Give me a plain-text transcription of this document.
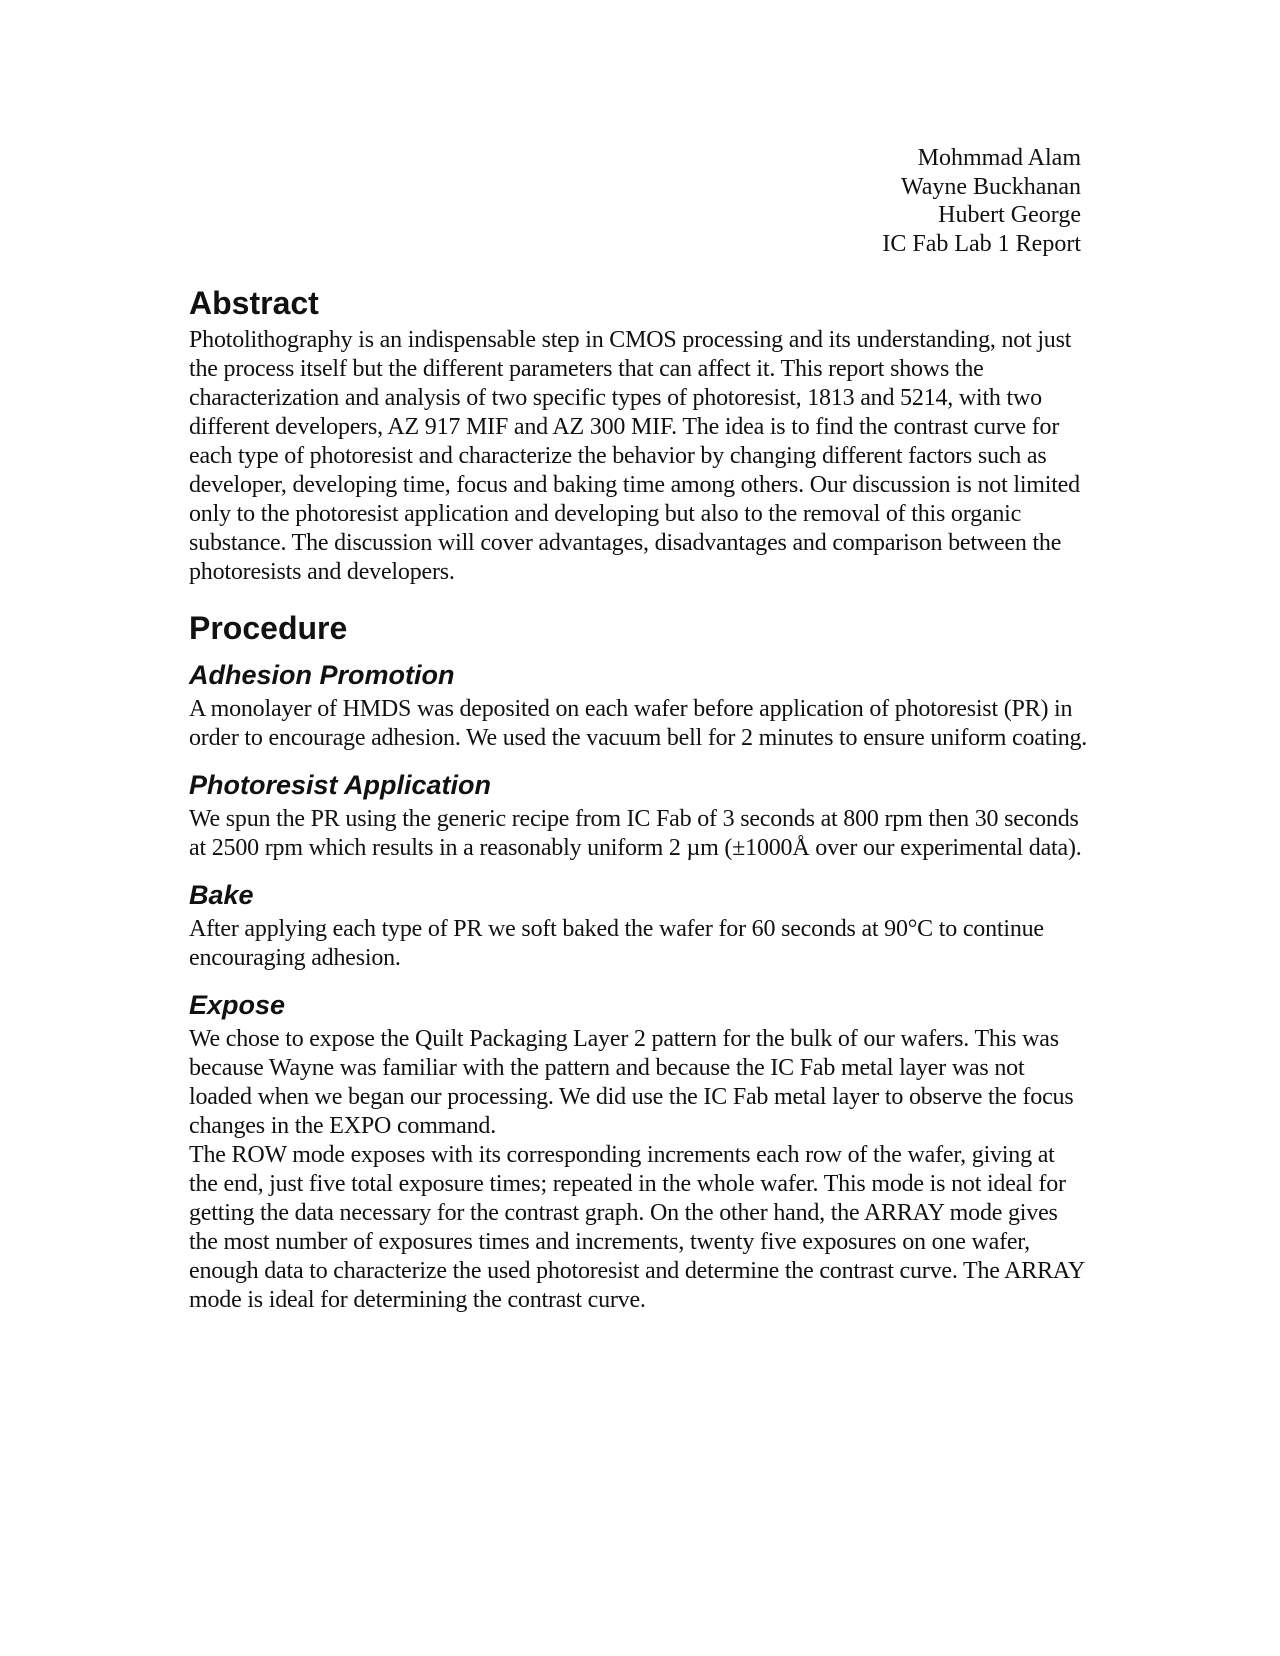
Mohmmad Alam
Wayne Buckhanan
Hubert George
IC Fab Lab 1 Report
Abstract

Photolithography is an indispensable step in CMOS processing and its understanding, not just the process itself but the different parameters that can affect it. This report shows the characterization and analysis of two specific types of photoresist, 1813 and 5214, with two different developers, AZ 917 MIF and AZ 300 MIF. The idea is to find the contrast curve for each type of photoresist and characterize the behavior by changing different factors such as developer, developing time, focus and baking time among others. Our discussion is not limited only to the photoresist application and developing but also to the removal of this organic substance. The discussion will cover advantages, disadvantages and comparison between the photoresists and developers.

Procedure
Adhesion Promotion

A monolayer of HMDS was deposited on each wafer before application of photoresist (PR) in order to encourage adhesion. We used the vacuum bell for 2 minutes to ensure uniform coating.

Photoresist Application

We spun the PR using the generic recipe from IC Fab of 3 seconds at 800 rpm then 30 seconds at 2500 rpm which results in a reasonably uniform 2 µm (±1000Å over our experimental data).

Bake

After applying each type of PR we soft baked the wafer for 60 seconds at 90°C to continue encouraging adhesion.

Expose

We chose to expose the Quilt Packaging Layer 2 pattern for the bulk of our wafers. This was because Wayne was familiar with the pattern and because the IC Fab metal layer was not loaded when we began our processing. We did use the IC Fab metal layer to observe the focus changes in the EXPO command.

The ROW mode exposes with its corresponding increments each row of the wafer, giving at the end, just five total exposure times; repeated in the whole wafer. This mode is not ideal for getting the data necessary for the contrast graph. On the other hand, the ARRAY mode gives the most number of exposures times and increments, twenty five exposures on one wafer, enough data to characterize the used photoresist and determine the contrast curve. The ARRAY mode is ideal for determining the contrast curve.
